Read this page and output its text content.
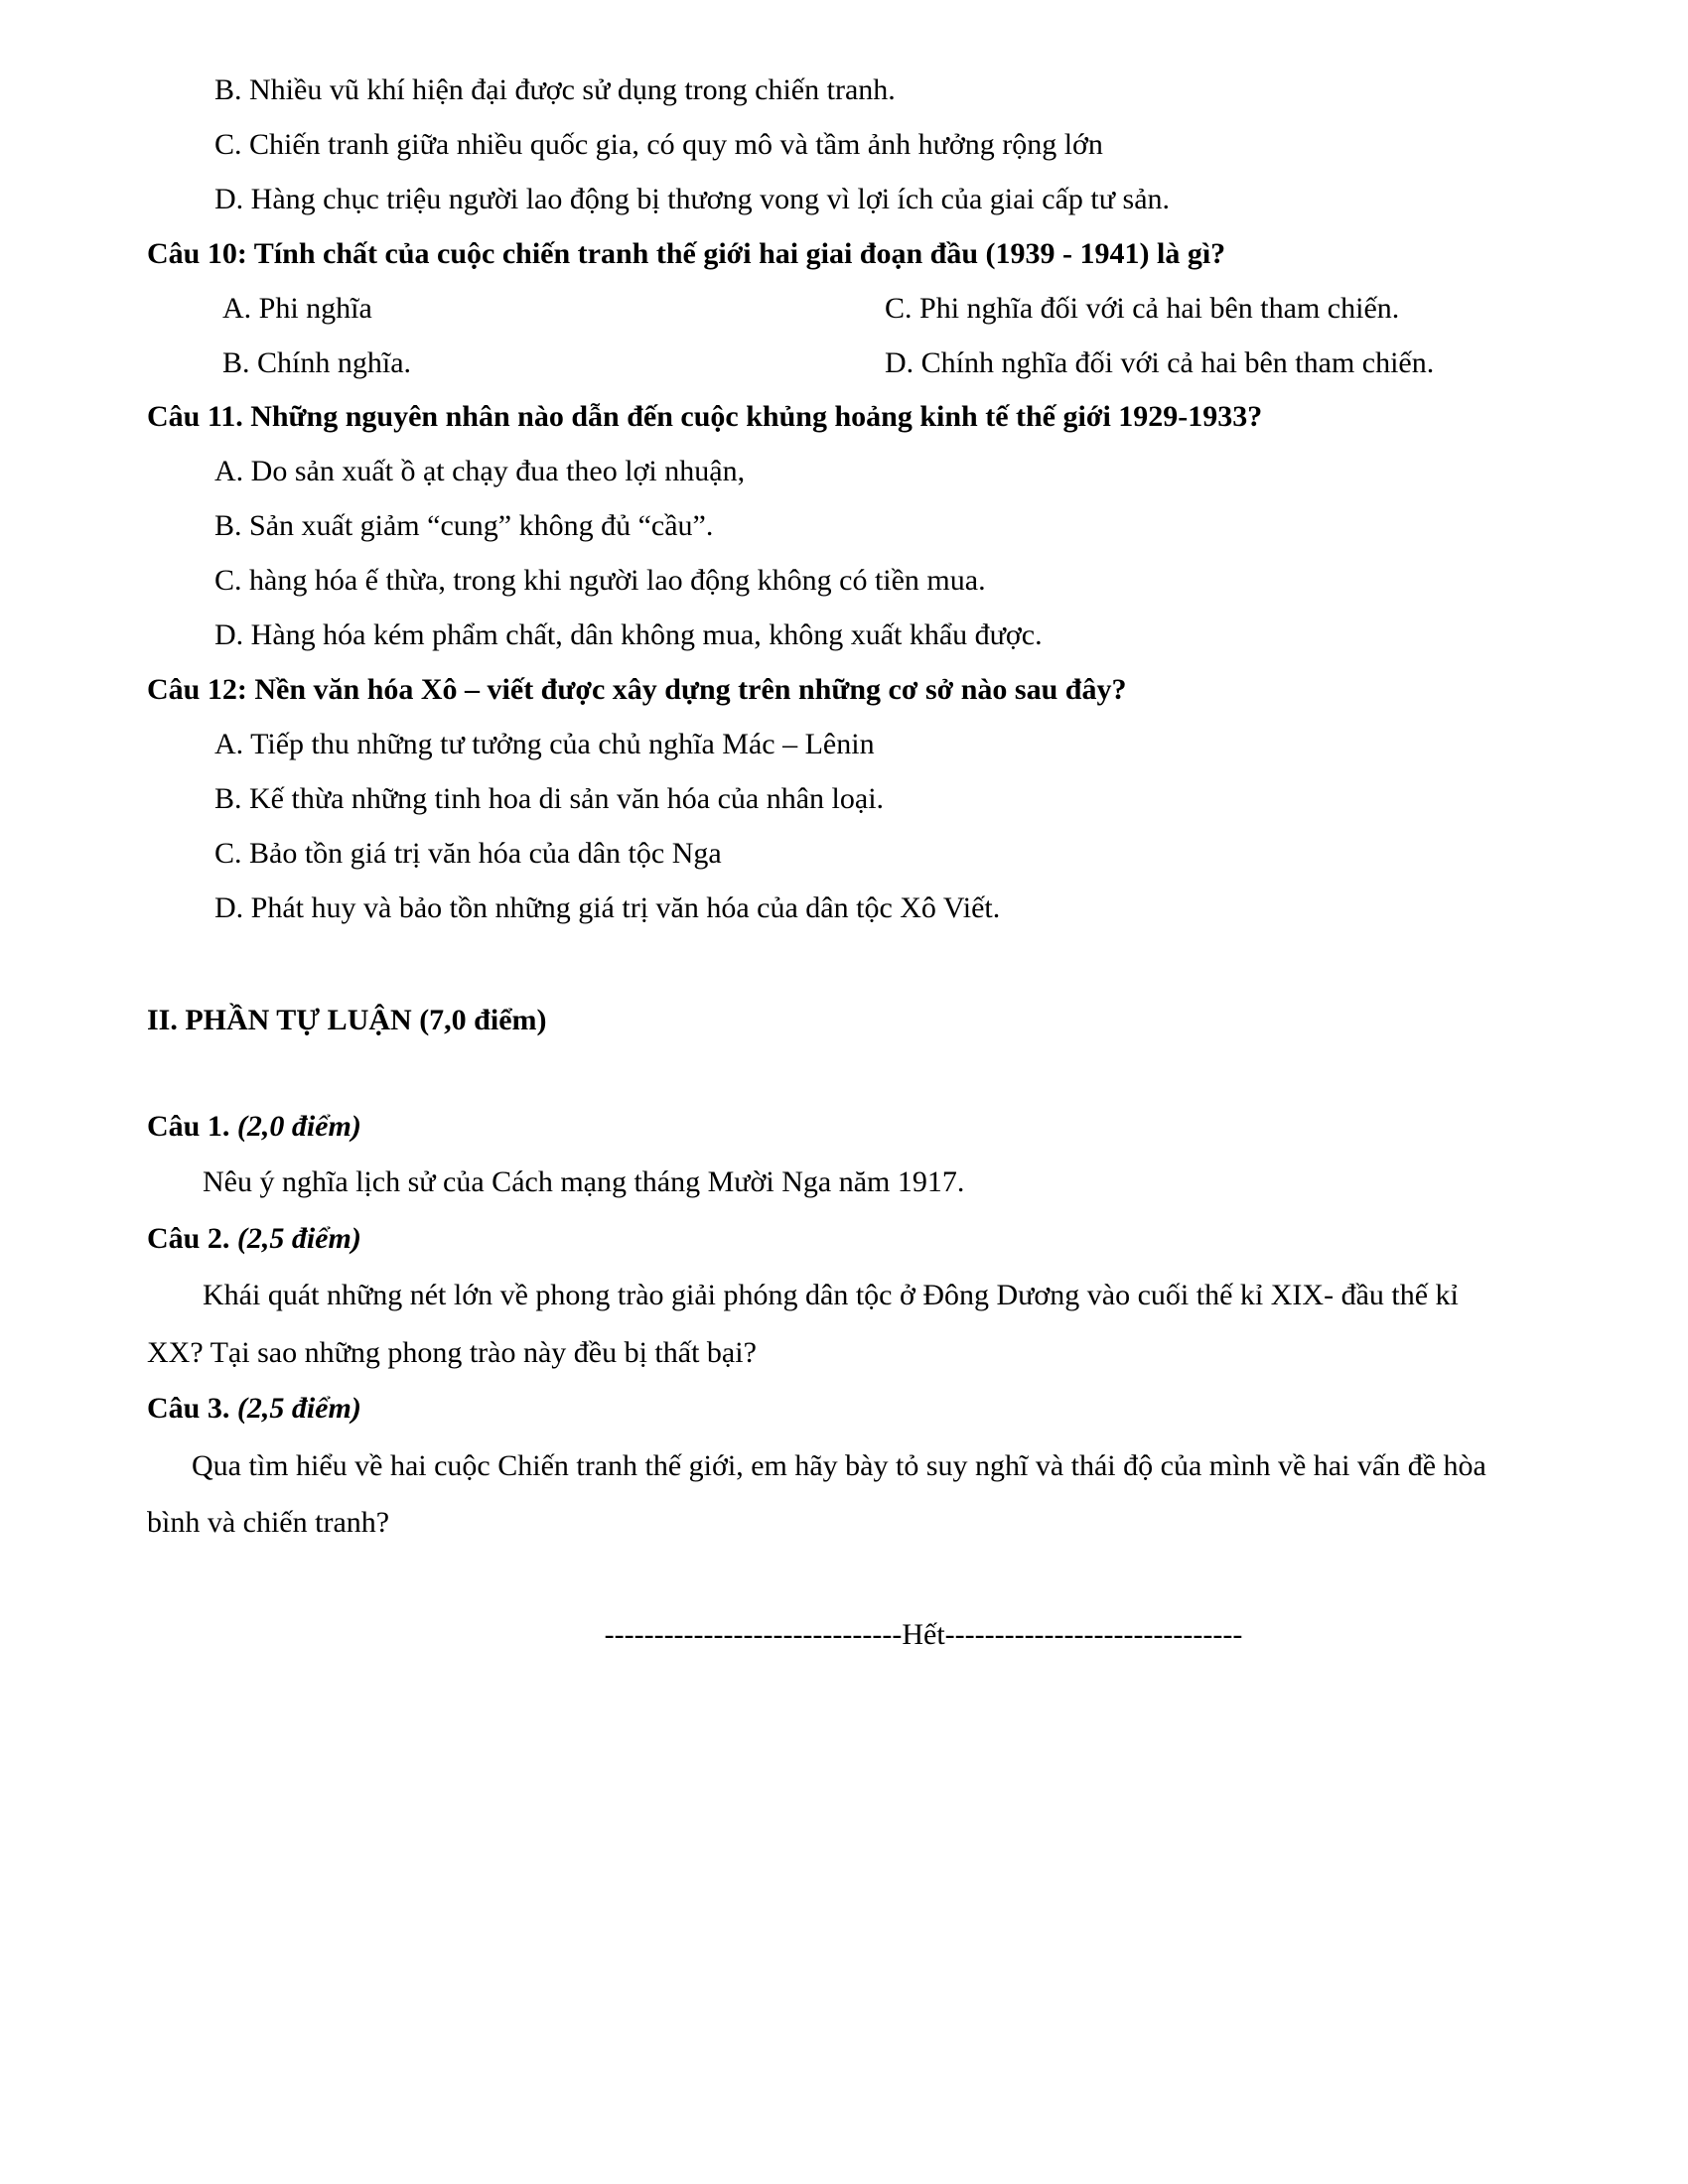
B. Nhiều vũ khí hiện đại được sử dụng trong chiến tranh.
C. Chiến tranh giữa nhiều quốc gia, có quy mô và tầm ảnh hưởng rộng lớn
D. Hàng chục triệu người lao động bị thương vong vì lợi ích của giai cấp tư sản.
Câu 10: Tính chất của cuộc chiến tranh thế giới hai giai đoạn đầu (1939 - 1941) là gì?
A. Phi nghĩa	C. Phi nghĩa đối với cả hai bên tham chiến.
B. Chính nghĩa.	D. Chính nghĩa đối với cả hai bên tham chiến.
Câu 11. Những nguyên nhân nào dẫn đến cuộc khủng hoảng kinh tế thế giới 1929-1933?
A. Do sản xuất ồ ạt chạy đua theo lợi nhuận,
B. Sản xuất giảm “cung” không đủ “cầu”.
C. hàng hóa ế thừa, trong khi người lao động không có tiền mua.
D. Hàng hóa kém phẩm chất, dân không mua, không xuất khẩu được.
Câu 12: Nền văn hóa Xô – viết được xây dựng trên những cơ sở nào sau đây?
A. Tiếp thu những tư tưởng của chủ nghĩa Mác – Lênin
B. Kế thừa những tinh hoa di sản văn hóa của nhân loại.
C. Bảo tồn giá trị văn hóa của dân tộc Nga
D. Phát huy và bảo tồn những giá trị văn hóa của dân tộc Xô Viết.
II. PHẦN TỰ LUẬN (7,0 điểm)
Câu 1. (2,0 điểm)
Nêu ý nghĩa lịch sử của Cách mạng tháng Mười Nga năm 1917.
Câu 2. (2,5 điểm)
Khái quát những nét lớn về phong trào giải phóng dân tộc ở Đông Dương vào cuối thế kỉ XIX- đầu thế kỉ
XX? Tại sao những phong trào này đều bị thất bại?
Câu 3. (2,5 điểm)
Qua tìm hiểu về hai cuộc Chiến tranh thế giới, em hãy bày tỏ suy nghĩ và thái độ của mình về hai vấn đề hòa
bình và chiến tranh?
------------------------------Hết------------------------------
